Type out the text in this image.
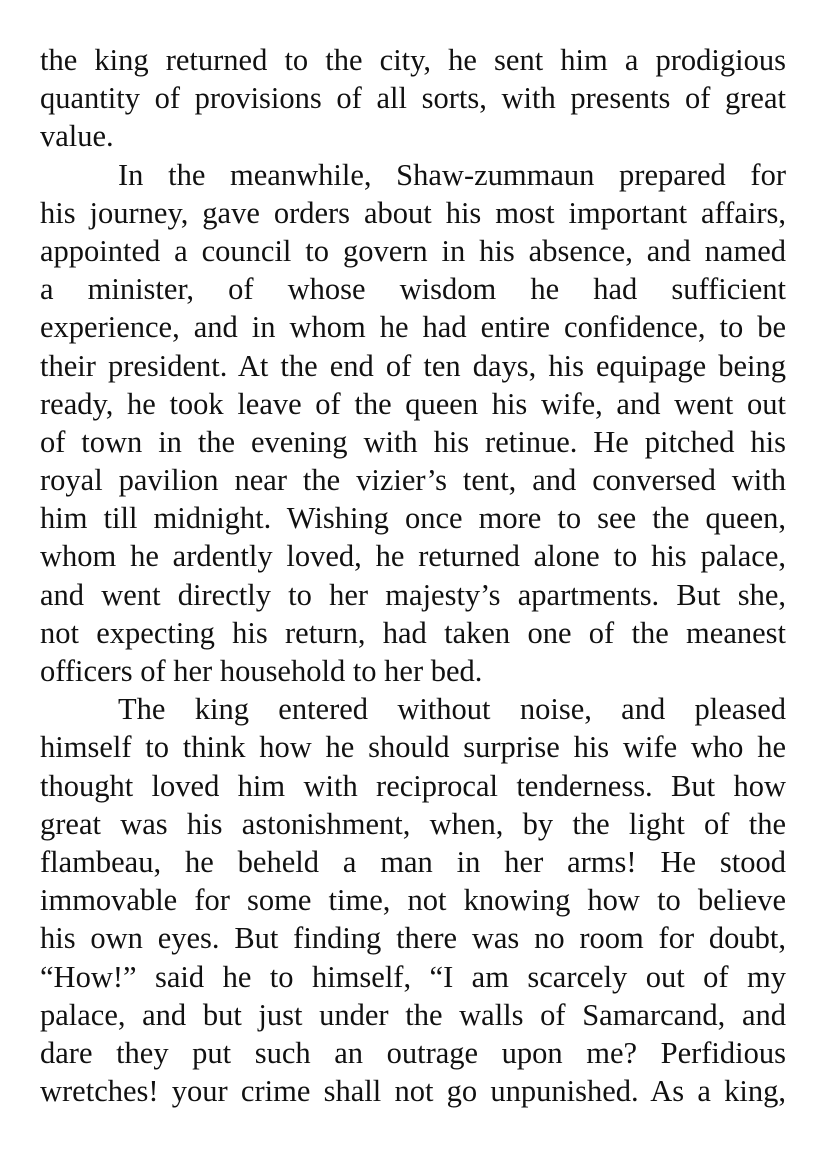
the king returned to the city, he sent him a prodigious
quantity of provisions of all sorts, with presents of great
value.
In the meanwhile, Shaw-zummaun prepared for
his journey, gave orders about his most important affairs,
appointed a council to govern in his absence, and named
a minister, of whose wisdom he had sufficient
experience, and in whom he had entire confidence, to be
their president. At the end of ten days, his equipage being
ready, he took leave of the queen his wife, and went out
of town in the evening with his retinue. He pitched his
royal pavilion near the vizier’s tent, and conversed with
him till midnight. Wishing once more to see the queen,
whom he ardently loved, he returned alone to his palace,
and went directly to her majesty’s apartments. But she,
not expecting his return, had taken one of the meanest
officers of her household to her bed.
The king entered without noise, and pleased
himself to think how he should surprise his wife who he
thought loved him with reciprocal tenderness. But how
great was his astonishment, when, by the light of the
flambeau, he beheld a man in her arms! He stood
immovable for some time, not knowing how to believe
his own eyes. But finding there was no room for doubt,
“How!” said he to himself, “I am scarcely out of my
palace, and but just under the walls of Samarcand, and
dare they put such an outrage upon me? Perfidious
wretches! your crime shall not go unpunished. As a king,
